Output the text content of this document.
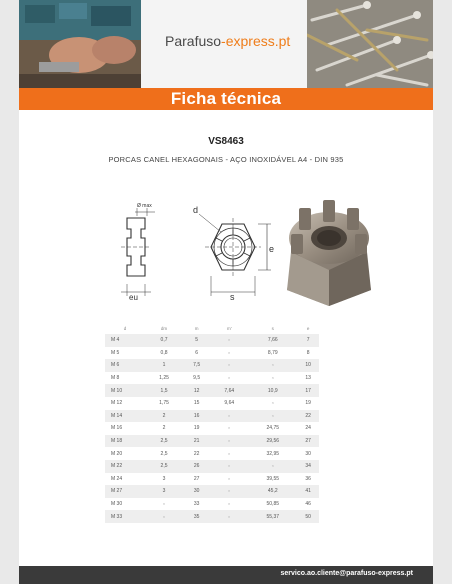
Parafuso-express.pt
Ficha técnica
VS8463
PORCAS CANEL HEXAGONAIS - AÇO INOXIDÁVEL A4 - DIN 935
Ø max
eu
d
e
s
d	dm	m	m'	s	e
M 4	0,7	5	n	7,66	7
M 5	0,8	6	n	8,79	8
M 6	1	7,5	n	n	10
M 8	1,25	9,5	n	n	13
M 10	1,5	12	7,64	10,9	17
M 12	1,75	15	9,64	n	19
M 14	2	16	n	n	22
M 16	2	19	n	24,75	24
M 18	2,5	21	n	29,56	27
M 20	2,5	22	n	32,95	30
M 22	2,5	26	n	n	34
M 24	3	27	n	39,55	36
M 27	3	30	n	45,2	41
M 30	n	33	n	50,85	46
M 33	n	35	n	55,37	50
servico.ao.cliente@parafuso-express.pt
